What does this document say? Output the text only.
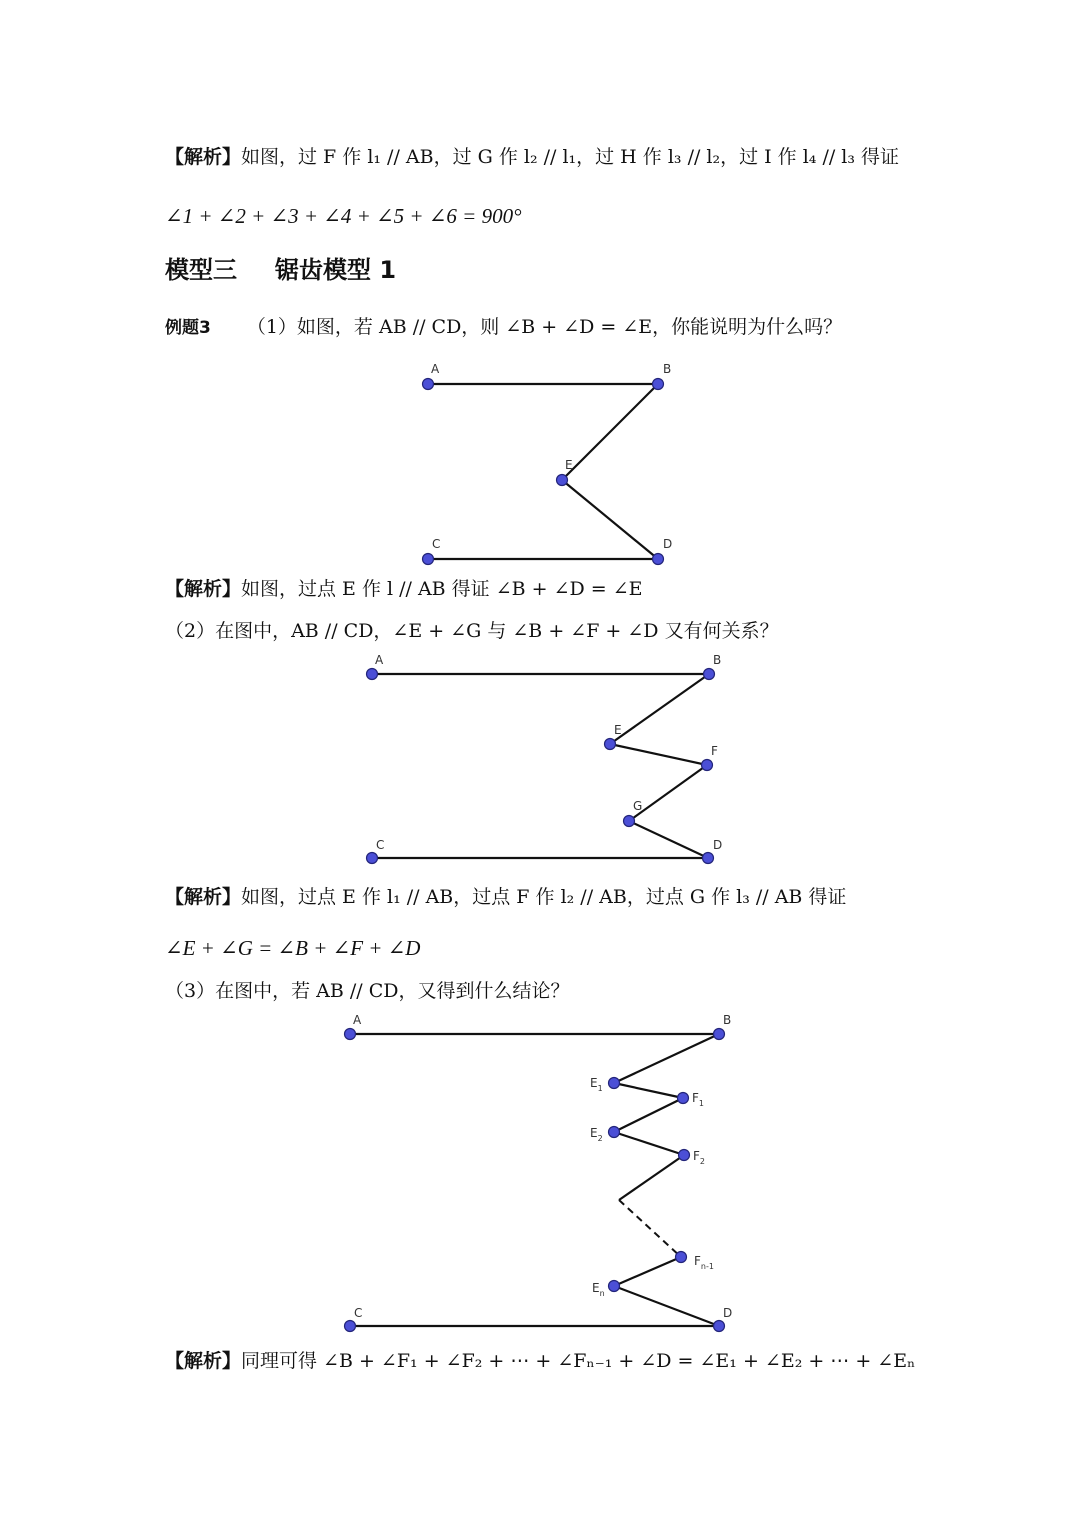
【解析】如图，过 F 作 l₁ // AB，过 G 作 l₂ // l₁，过 H 作 l₃ // l₂，过 I 作 l₄ // l₃ 得证
∠1 + ∠2 + ∠3 + ∠4 + ∠5 + ∠6 = 900°
模型三 锯齿模型 1
例题3 （1）如图，若 AB // CD，则 ∠B + ∠D = ∠E，你能说明为什么吗？
A	B
E
C	D
【解析】如图，过点 E 作 l // AB 得证 ∠B + ∠D = ∠E
（2）在图中，AB // CD，∠E + ∠G 与 ∠B + ∠F + ∠D 又有何关系？
A	B
E
F
G
C	D
【解析】如图，过点 E 作 l₁ // AB，过点 F 作 l₂ // AB，过点 G 作 l₃ // AB 得证
∠E + ∠G = ∠B + ∠F + ∠D
（3）在图中，若 AB // CD，又得到什么结论？
A	B
$E_1$
$F_1$
$E_2$
$F_2$
$F_{n-1}$
$E_n$
C	D
【解析】同理可得 ∠B + ∠F₁ + ∠F₂ + ⋯ + ∠Fₙ₋₁ + ∠D = ∠E₁ + ∠E₂ + ⋯ + ∠Eₙ
